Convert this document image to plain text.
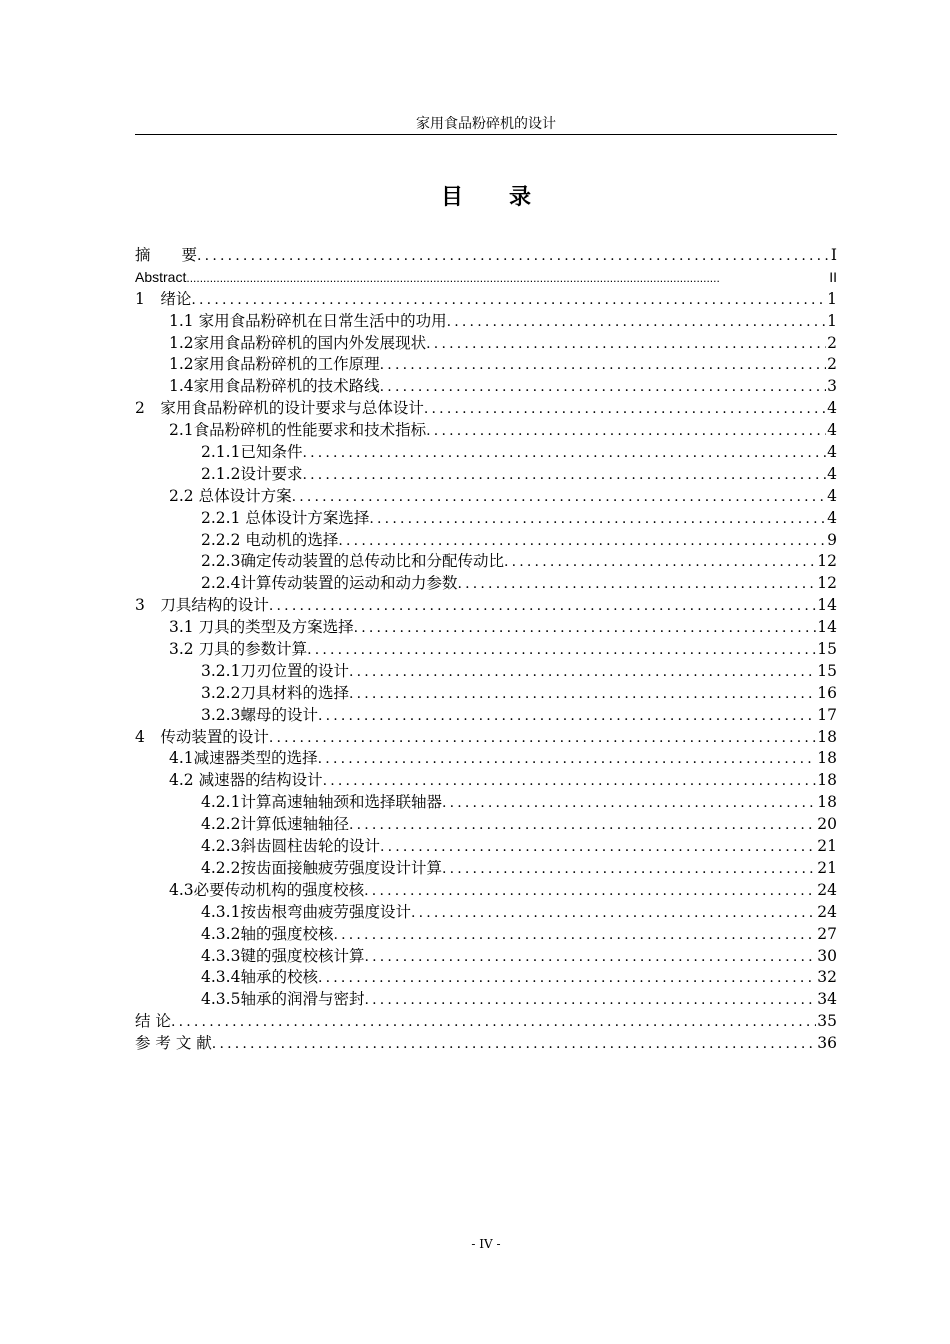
家用食品粉碎机的设计
目 录
摘　　要 .....	I
Abstract .....	II
1　绪论 .....	1
1.1 家用食品粉碎机在日常生活中的功用 .....	1
1.2家用食品粉碎机的国内外发展现状 .....	2
1.2家用食品粉碎机的工作原理 .....	2
1.4家用食品粉碎机的技术路线 .....	3
2　家用食品粉碎机的设计要求与总体设计 .....	4
2.1食品粉碎机的性能要求和技术指标 .....	4
2.1.1已知条件 .....	4
2.1.2设计要求 .....	4
2.2 总体设计方案 .....	4
2.2.1 总体设计方案选择 .....	4
2.2.2 电动机的选择 .....	9
2.2.3确定传动装置的总传动比和分配传动比 .....	12
2.2.4计算传动装置的运动和动力参数 .....	12
3　刀具结构的设计 .....	14
3.1 刀具的类型及方案选择 .....	14
3.2 刀具的参数计算 .....	15
3.2.1刀刃位置的设计 .....	15
3.2.2刀具材料的选择 .....	16
3.2.3螺母的设计 .....	17
4　传动装置的设计 .....	18
4.1减速器类型的选择 .....	18
4.2 减速器的结构设计 .....	18
4.2.1计算高速轴轴颈和选择联轴器 .....	18
4.2.2计算低速轴轴径 .....	20
4.2.3斜齿圆柱齿轮的设计 .....	21
4.2.2按齿面接触疲劳强度设计计算 .....	21
4.3必要传动机构的强度校核 .....	24
4.3.1按齿根弯曲疲劳强度设计 .....	24
4.3.2轴的强度校核 .....	27
4.3.3键的强度校核计算 .....	30
4.3.4轴承的校核 .....	32
4.3.5轴承的润滑与密封 .....	34
结 论 .....	35
参 考 文 献 .....	36
- IV -
